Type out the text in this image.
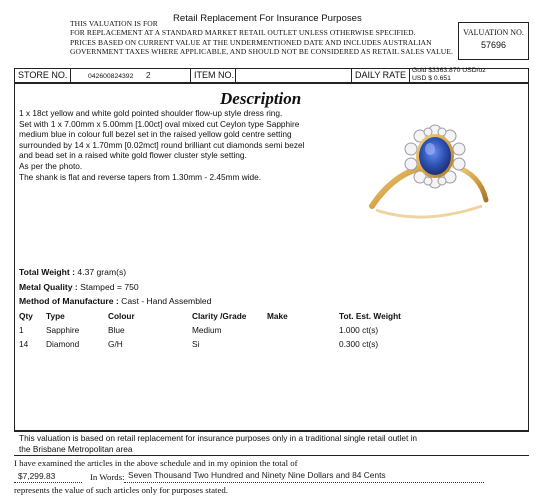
THIS VALUATION IS FOR Retail Replacement For Insurance Purposes
FOR REPLACEMENT AT A STANDARD MARKET RETAIL OUTLET UNLESS OTHERWISE SPECIFIED.
PRICES BASED ON CURRENT VALUE AT THE UNDERMENTIONED DATE AND INCLUDES AUSTRALIAN
GOVERNMENT TAXES WHERE APPLICABLE, AND SHOULD NOT BE CONSIDERED AS RETAIL SALES VALUE.
VALUATION NO.
57696
STORE NO.	042600824392 2	ITEM NO.	DAILY RATE Gold $3363.870 USD/oz
USD $ 0.651
Description
1 x 18ct yellow and white gold pointed shoulder flow-up style dress ring.
Set with 1 x 7.00mm x 5.00mm [1.00ct] oval mixed cut Ceylon type Sapphire
medium blue in colour full bezel set in the raised yellow gold centre setting
surrounded by 14 x 1.70mm [0.02mct] round brilliant cut diamonds semi bezel
and bead set in a raised white gold flower cluster style setting.
As per the photo.
The shank is flat and reverse tapers from 1.30mm - 2.45mm wide.
Total Weight : 4.37 gram(s)
Metal Quality : Stamped = 750
Method of Manufacture : Cast - Hand Assembled
Qty Type	Colour	Clarity /Grade Make	Tot. Est. Weight
1	Sapphire	Blue	Medium	1.000 ct(s)
14 Diamond	G/H	Si	0.300 ct(s)
This valuation is based on retail replacement for insurance purposes only in a traditional single retail outlet in
the Brisbane Metropolitan area
I have examined the articles in the above schedule and in my opinion the total of
$7,299.83	In Words: Seven Thousand Two Hundred and Ninety Nine Dollars and 84 Cents
represents the value of such articles only for purposes stated.
